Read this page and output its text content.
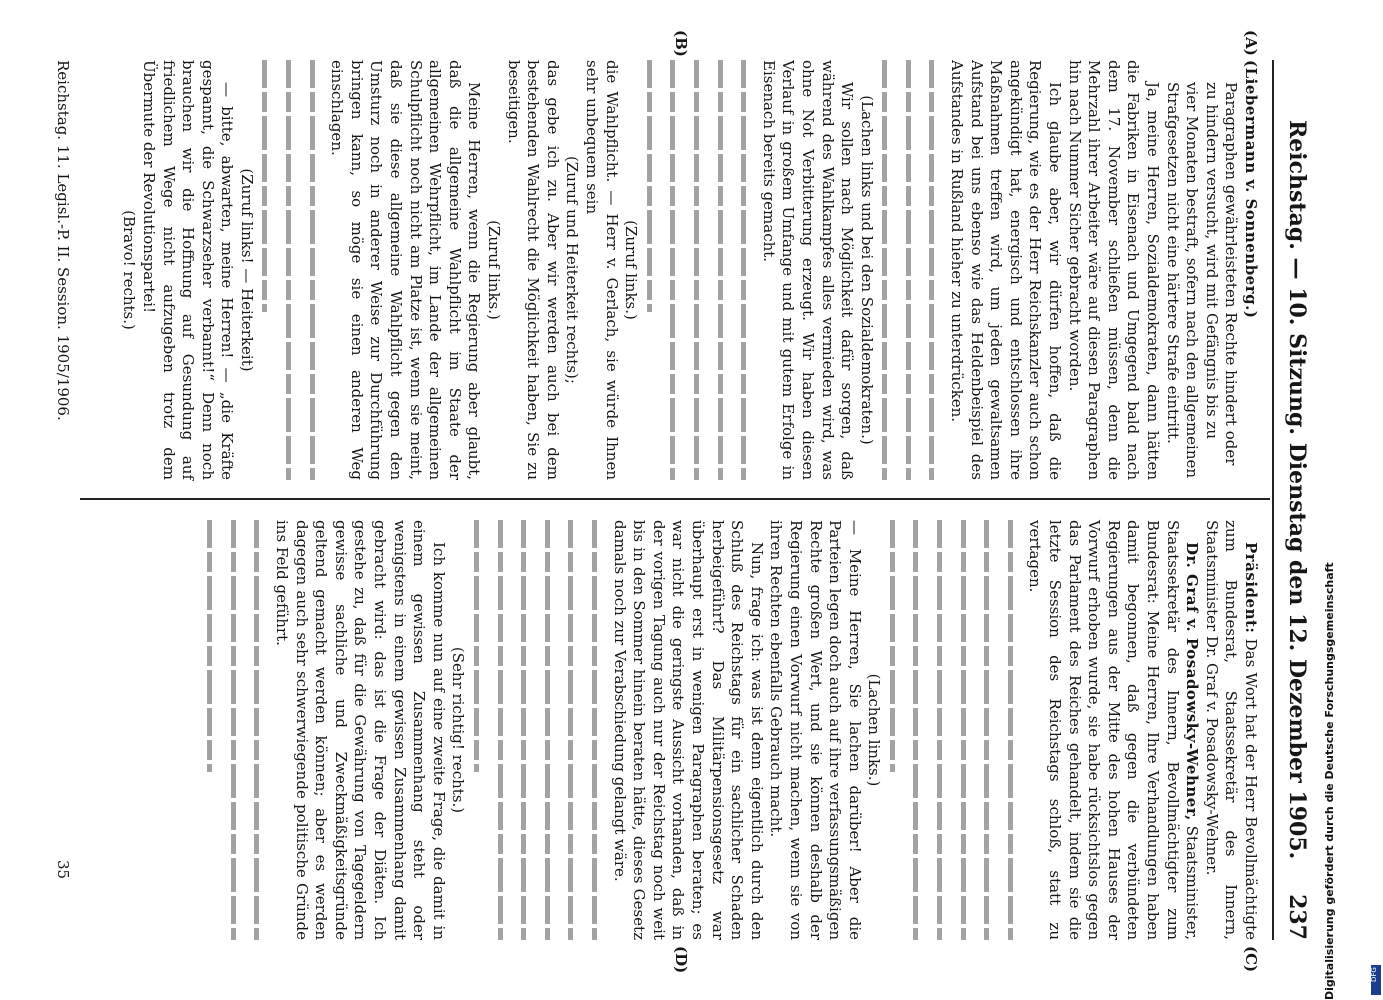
Reichstag. — 10. Sitzung. Dienstag den 12. Dezember 1905.
237
(A)
(B)
(C)
(D)

(Liebermann v. Sonnenberg.)

Paragraphen gewährleisteten Rechte hindert oder

zu hindern versucht, wird mit Gefängnis bis zu

vier Monaten bestraft, sofern nach den allgemeinen

Strafgesetzen nicht eine härtere Strafe eintritt.

Ja, meine Herren, Sozialdemokraten, dann hätten die Fabriken in Eisenach und Umgegend bald nach dem 17. November schließen müssen, denn die Mehrzahl ihrer Arbeiter wäre auf diesen Paragraphen hin nach Nummer Sicher gebracht worden.

Ich glaube aber, wir dürfen hoffen, daß die Regierung, wie es der Herr Reichskanzler auch schon angekündigt hat, energisch und entschlossen ihre Maßnahmen treffen wird, um jeden gewaltsamen Aufstand bei uns ebenso wie das Heldenbeispiel des Aufstandes in Rußland hieher zu unterdrücken.

(Lachen links und bei den Sozialdemokraten.)

Wir sollen nach Möglichkeit dafür sorgen, daß während des Wahlkampfes alles vermieden wird, was ohne Not Verbitterung erzeugt. Wir haben diesen Verlauf in großem Umfange und mit gutem Erfolge in Eisenach bereits gemacht.

(Zuruf links.)

die Wahlpflicht. — Herr v. Gerlach, sie würde Ihnen sehr unbequem sein

(Zuruf und Heiterkeit rechts);

das gebe ich zu. Aber wir werden auch bei dem bestehenden Wahlrecht die Möglichkeit haben, Sie zu beseitigen.

(Zuruf links.)

Meine Herren, wenn die Regierung aber glaubt, daß die allgemeine Wahlpflicht im Staate der allgemeinen Wehrpflicht, im Lande der allgemeinen Schulpflicht noch nicht am Platze ist, wenn sie meint, daß sie diese allgemeine Wahlpflicht gegen den Umsturz noch in anderer Weise zur Durchführung bringen kann, so möge sie einen anderen Weg einschlagen.

(Zuruf links! — Heiterkeit)

— bitte, abwarten, meine Herren! — „die Kräfte gespannt, die Schwarzseher verbannt!“ Denn noch brauchen wir die Hoffnung auf Gesundung auf friedlichem Wege nicht aufzugeben trotz dem Übermute der Revolutionspartei!

(Bravo! rechts.)

Präsident: Das Wort hat der Herr Bevollmächtigte zum Bundesrat, Staatssekretär des Innern, Staatsminister Dr. Graf v. Posadowsky-Wehner.

Dr. Graf v. Posadowsky-Wehner, Staatsminister, Staatssekretär des Innern, Bevollmächtigter zum Bundesrat: Meine Herren, Ihre Verhandlungen haben damit begonnen, daß gegen die verbündeten Regierungen aus der Mitte des hohen Hauses der Vorwurf erhoben wurde, sie habe rücksichtslos gegen das Parlament des Reiches gehandelt, indem sie die letzte Session des Reichstags schloß, statt zu vertagen.

(Lachen links.)

— Meine Herren, Sie lachen darüber! Aber die Parteien legen doch auch auf ihre verfassungsmäßigen Rechte großen Wert, und sie können deshalb der Regierung einen Vorwurf nicht machen, wenn sie von ihren Rechten ebenfalls Gebrauch macht.

Nun, frage ich: was ist denn eigentlich durch den Schluß des Reichstags für ein sachlicher Schaden herbeigeführt? Das Militärpensionsgesetz war überhaupt erst in wenigen Paragraphen beraten; es war nicht die geringste Aussicht vorhanden, daß in der vorigen Tagung auch nur der Reichstag noch weit bis in den Sommer hinein beraten hätte, dieses Gesetz damals noch zur Verabschiedung gelangt wäre.

(Sehr richtig! rechts.)

Ich komme nun auf eine zweite Frage, die damit in einem gewissen Zusammenhang steht oder wenigstens in einem gewissen Zusammenhang damit gebracht wird: das ist die Frage der Diäten. Ich gestehe zu, daß für die Gewährung von Tagegeldern gewisse sachliche und Zweckmäßigkeitsgründe geltend gemacht werden können; aber es werden dagegen auch sehr schwerwiegende politische Gründe ins Feld geführt.

Reichstag. 11. Legisl.-P. II. Session. 1905/1906.
35	Digitalisierung gefördert durch die Deutsche Forschungsgemeinschaft	DFG
